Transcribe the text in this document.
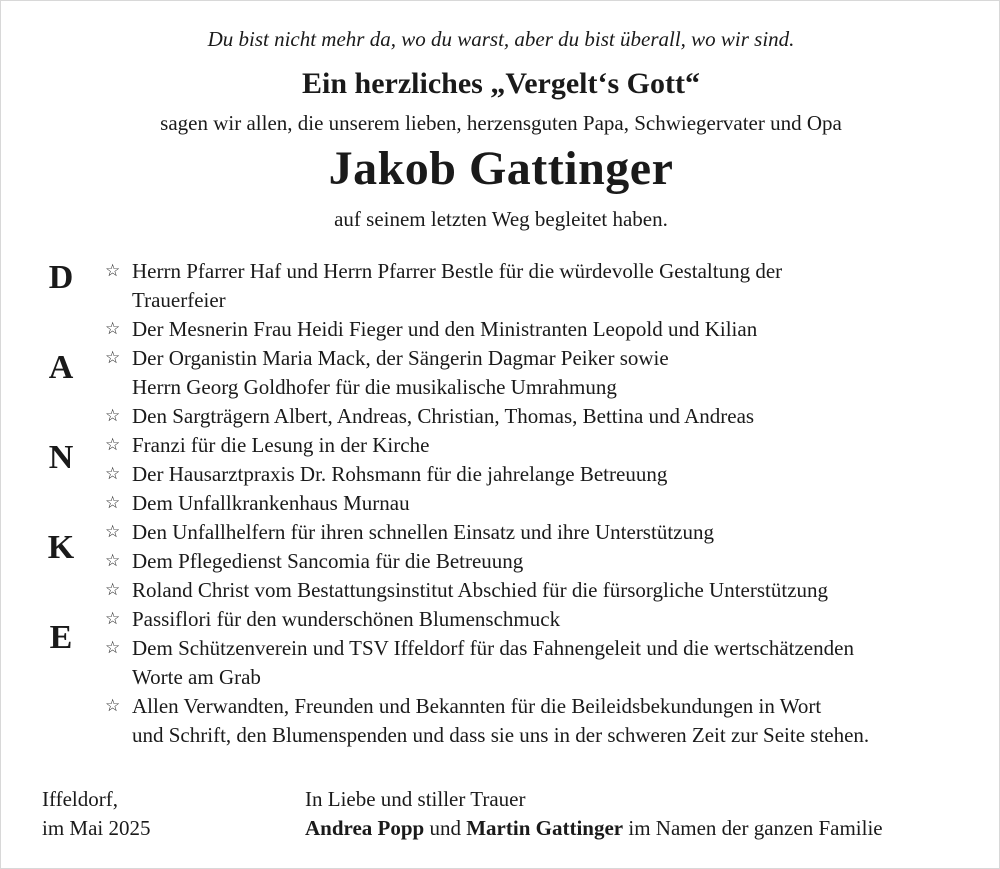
Du bist nicht mehr da, wo du warst, aber du bist überall, wo wir sind.
Ein herzliches „Vergelt‘s Gott“
sagen wir allen, die unserem lieben, herzensguten Papa, Schwiegervater und Opa
Jakob Gattinger
auf seinem letzten Weg begleitet haben.
D
A
N
K
E
☆ Herrn Pfarrer Haf und Herrn Pfarrer Bestle für die würdevolle Gestaltung der
Trauerfeier
☆ Der Mesnerin Frau Heidi Fieger und den Ministranten Leopold und Kilian
☆ Der Organistin Maria Mack, der Sängerin Dagmar Peiker sowie
Herrn Georg Goldhofer für die musikalische Umrahmung
☆ Den Sargträgern Albert, Andreas, Christian, Thomas, Bettina und Andreas
☆ Franzi für die Lesung in der Kirche
☆ Der Hausarztpraxis Dr. Rohsmann für die jahrelange Betreuung
☆ Dem Unfallkrankenhaus Murnau
☆ Den Unfallhelfern für ihren schnellen Einsatz und ihre Unterstützung
☆ Dem Pflegedienst Sancomia für die Betreuung
☆ Roland Christ vom Bestattungsinstitut Abschied für die fürsorgliche Unterstützung
☆ Passiflori für den wunderschönen Blumenschmuck
☆ Dem Schützenverein und TSV Iffeldorf für das Fahnengeleit und die wertschätzenden
Worte am Grab
☆ Allen Verwandten, Freunden und Bekannten für die Beileidsbekundungen in Wort
und Schrift, den Blumenspenden und dass sie uns in der schweren Zeit zur Seite stehen.
Iffeldorf,
im Mai 2025
In Liebe und stiller Trauer
Andrea Popp und Martin Gattinger im Namen der ganzen Familie
